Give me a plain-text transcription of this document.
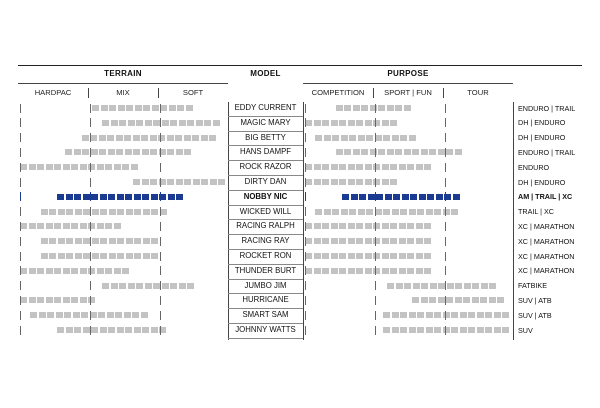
TERRAIN	MODEL	PURPOSE
HARDPAC	MIX	SOFT	COMPETITION	SPORT | FUN	TOUR
EDDY CURRENT	ENDURO | TRAIL
MAGIC MARY	DH | ENDURO
BIG BETTY	DH | ENDURO
HANS DAMPF	ENDURO | TRAIL
ROCK RAZOR	ENDURO
DIRTY DAN	DH | ENDURO
NOBBY NIC	AM | TRAIL | XC
WICKED WILL	TRAIL | XC
RACING RALPH	XC | MARATHON
RACING RAY	XC | MARATHON
ROCKET RON	XC | MARATHON
THUNDER BURT	XC | MARATHON
JUMBO JIM	FATBIKE
HURRICANE	SUV | ATB
SMART SAM	SUV | ATB
JOHNNY WATTS	SUV
